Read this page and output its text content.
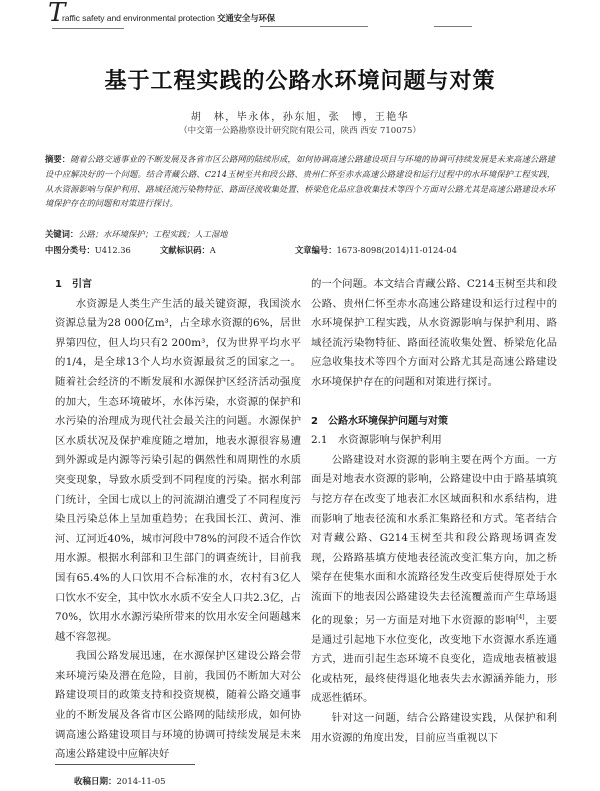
T
raffic safety and environmental protection 交通安全与环保
基于工程实践的公路水环境问题与对策
胡　林，毕永体，孙东旭，张　博，王艳华
（中交第一公路勘察设计研究院有限公司，陕西 西安 710075）
摘要：随着公路交通事业的不断发展及各省市区公路网的陆续形成，如何协调高速公路建设项目与环境的协调可持续发展是未来高速公路建设中应解决好的一个问题。结合青藏公路、C214玉树至共和段公路、贵州仁怀至赤水高速公路建设和运行过程中的水环境保护工程实践，从水资源影响与保护利用、路域径流污染物特征、路面径流收集处置、桥梁危化品应急收集技术等四个方面对公路尤其是高速公路建设水环境保护存在的问题和对策进行探讨。
关键词：公路；水环境保护；工程实践；人工湿地
中图分类号：U412.36	文献标识码：A	文章编号：1673-8098(2014)11-0124-04

1　引言

水资源是人类生产生活的最关键资源，我国淡水资源总量为28 000亿m³，占全球水资源的6%，居世界第四位，但人均只有2 200m³，仅为世界平均水平的1/4，是全球13个人均水资源最贫乏的国家之一。随着社会经济的不断发展和水源保护区经济活动强度的加大，生态环境破坏，水体污染，水资源的保护和水污染的治理成为现代社会最关注的问题。水源保护区水质状况及保护难度随之增加，地表水源很容易遭到外源或是内源等污染引起的偶然性和周期性的水质突变现象，导致水质受到不同程度的污染。据水利部门统计，全国七成以上的河流湖泊遭受了不同程度污染且污染总体上呈加重趋势；在我国长江、黄河、淮河、辽河近40%，城市河段中78%的河段不适合作饮用水源。根据水利部和卫生部门的调查统计，目前我国有65.4%的人口饮用不合标准的水，农村有3亿人口饮水不安全，其中饮水水质不安全人口共2.3亿，占70%，饮用水水源污染所带来的饮用水安全问题越来越不容忽视。

我国公路发展迅速，在水源保护区建设公路会带来环境污染及潜在危险，目前，我国仍不断加大对公路建设项目的政策支持和投资规模，随着公路交通事业的不断发展及各省市区公路网的陆续形成，如何协调高速公路建设项目与环境的协调可持续发展是未来高速公路建设中应解决好

的一个问题。本文结合青藏公路、C214玉树至共和段公路、贵州仁怀至赤水高速公路建设和运行过程中的水环境保护工程实践，从水资源影响与保护利用、路域径流污染物特征、路面径流收集处置、桥梁危化品应急收集技术等四个方面对公路尤其是高速公路建设水环境保护存在的问题和对策进行探讨。

2　公路水环境保护问题与对策

2.1　水资源影响与保护利用

公路建设对水资源的影响主要在两个方面。一方面是对地表水资源的影响，公路建设中由于路基填筑与挖方存在改变了地表汇水区域面积和水系结构，进而影响了地表径流和水系汇集路径和方式。笔者结合对青藏公路、G214玉树至共和段公路现场调查发现，公路路基填方使地表径流改变汇集方向，加之桥梁存在使集水面和水流路径发生改变后使得原处于水流面下的地表因公路建设失去径流覆盖而产生草场退化的现象；另一方面是对地下水资源的影响[4]，主要是通过引起地下水位变化，改变地下水资源水系连通方式，进而引起生态环境不良变化，造成地表植被退化或枯死，最终使得退化地表失去水源涵养能力，形成恶性循环。

针对这一问题，结合公路建设实践，从保护和利用水资源的角度出发，目前应当重视以下

收稿日期：2014-11-05
